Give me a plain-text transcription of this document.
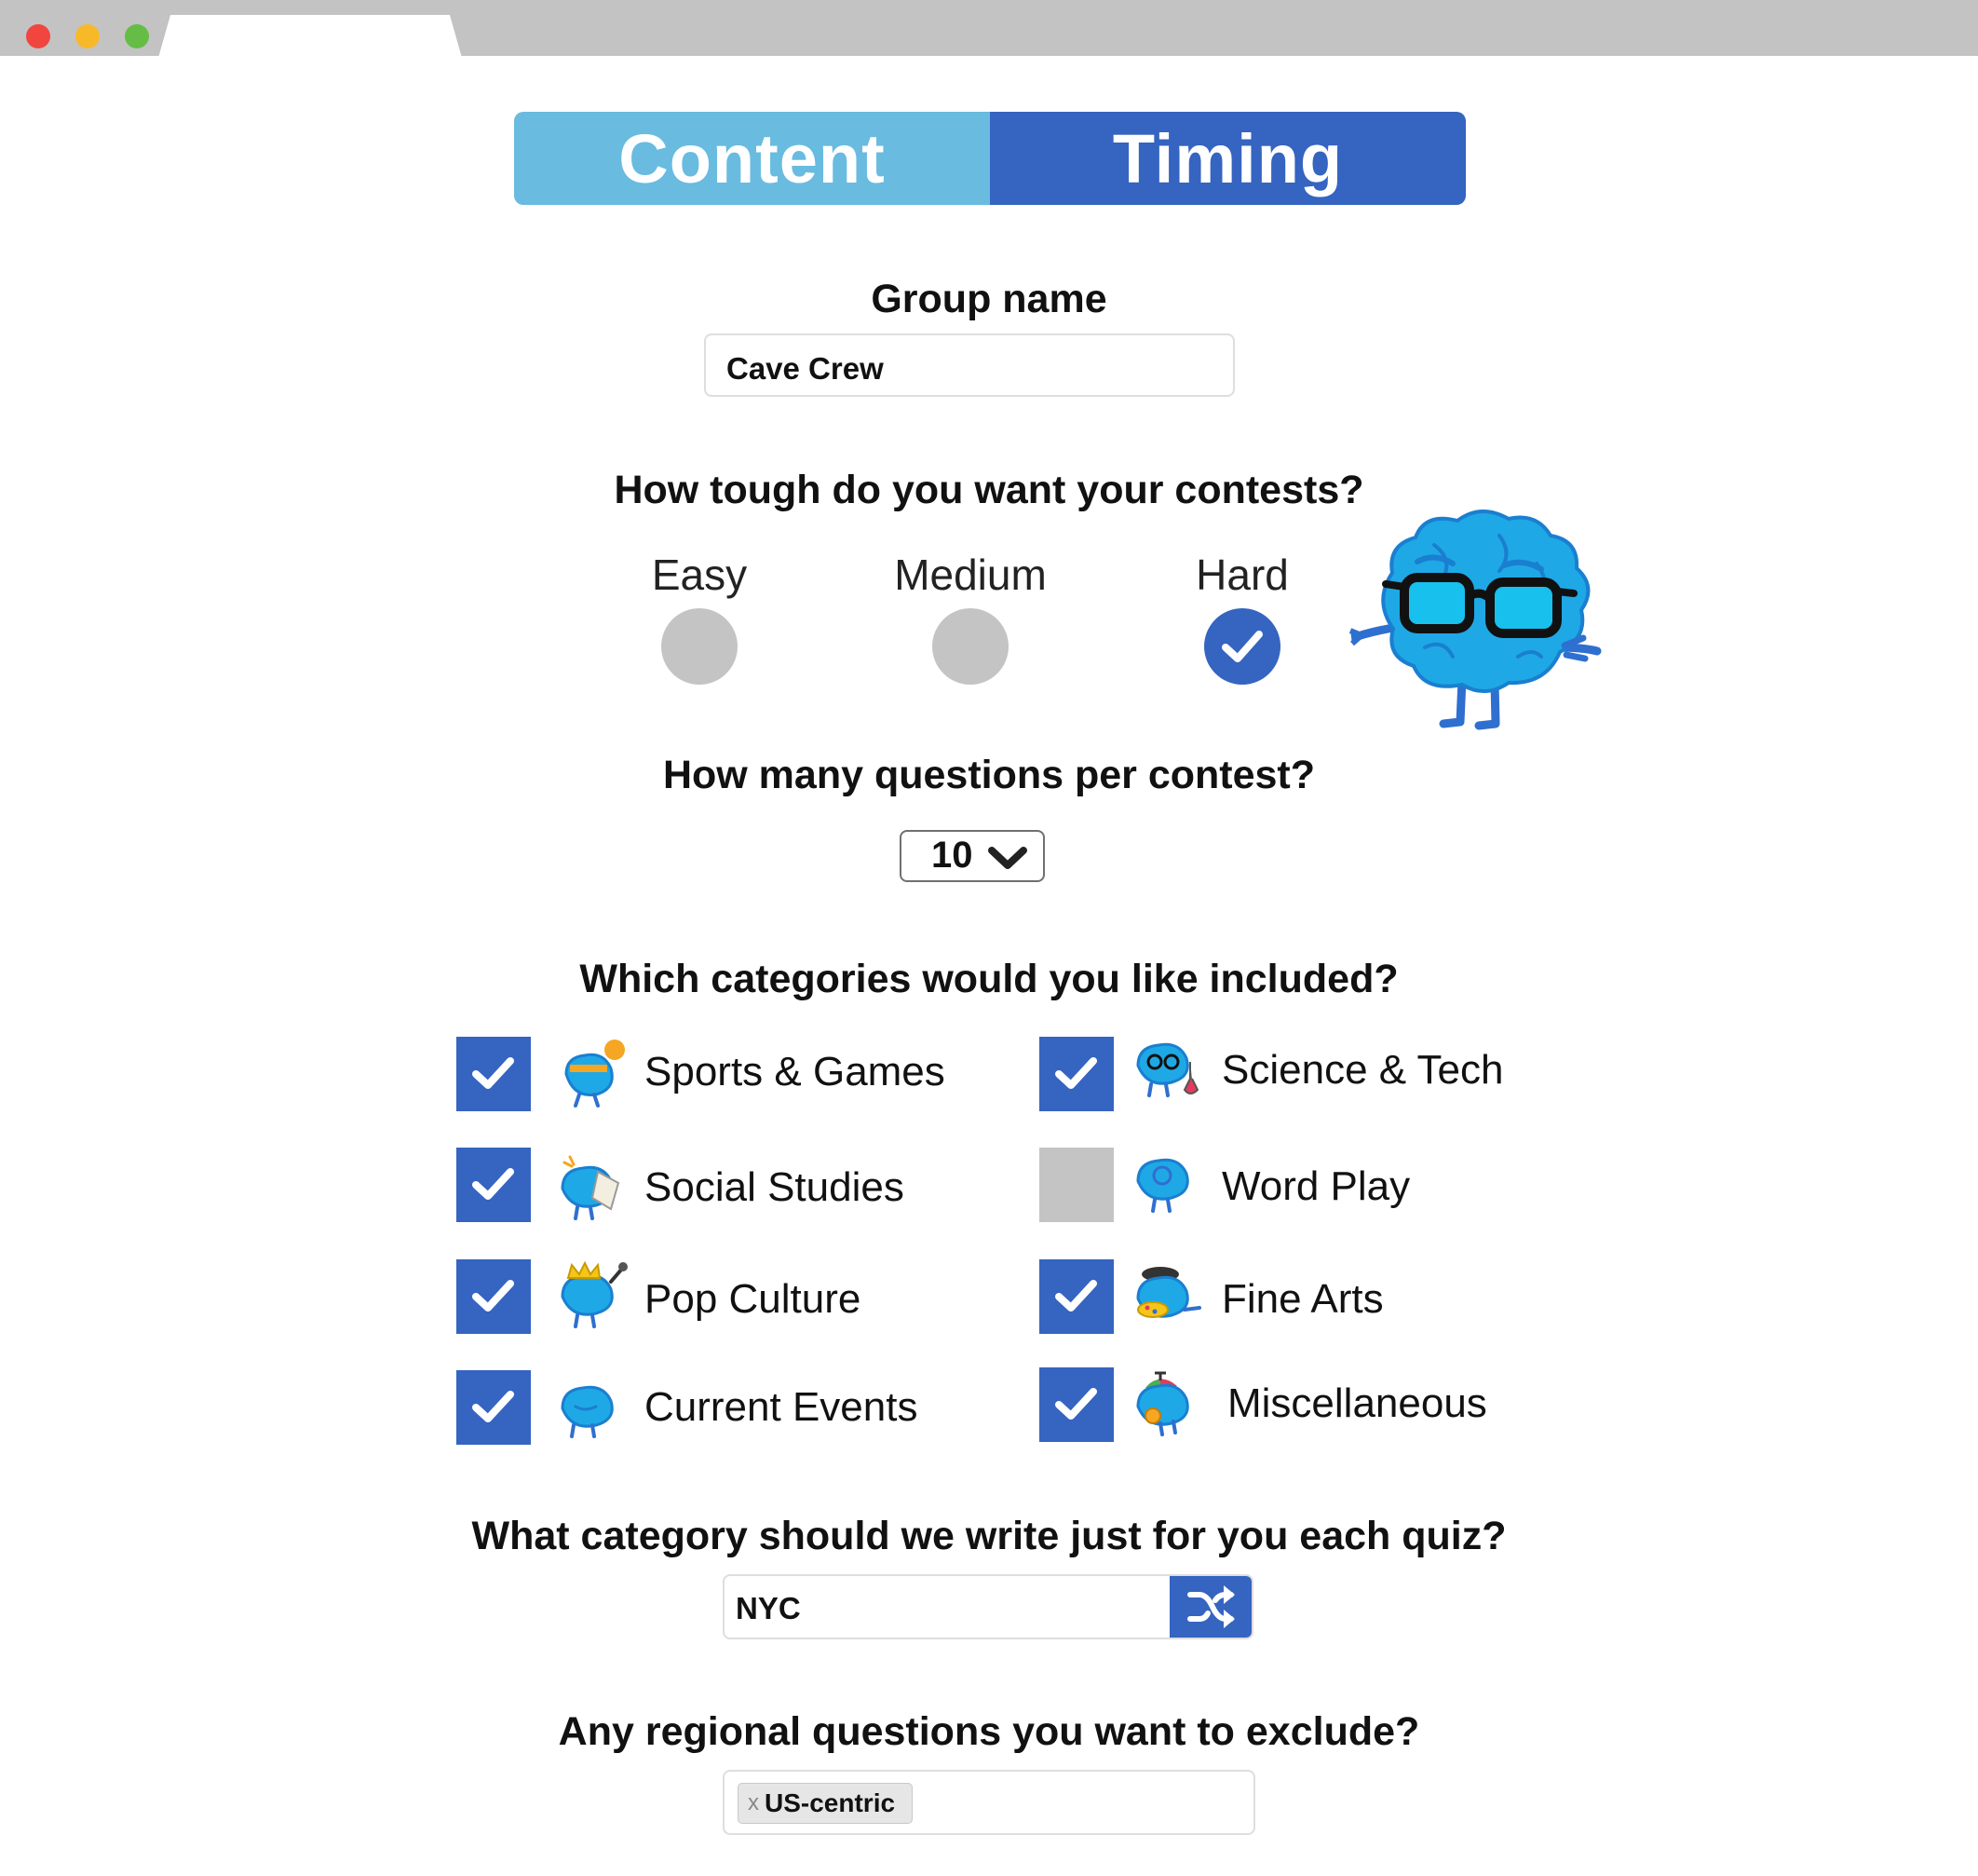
Content	Timing
Group name
Cave Crew
How tough do you want your contests?
Easy	Medium	Hard
How many questions per contest?
10
Which categories would you like included?
Sports & Games	Science & Tech
Social Studies	Word Play
Pop Culture	Fine Arts
Current Events	Miscellaneous
What category should we write just for you each quiz?
NYC
Any regional questions you want to exclude?
x US-centric
